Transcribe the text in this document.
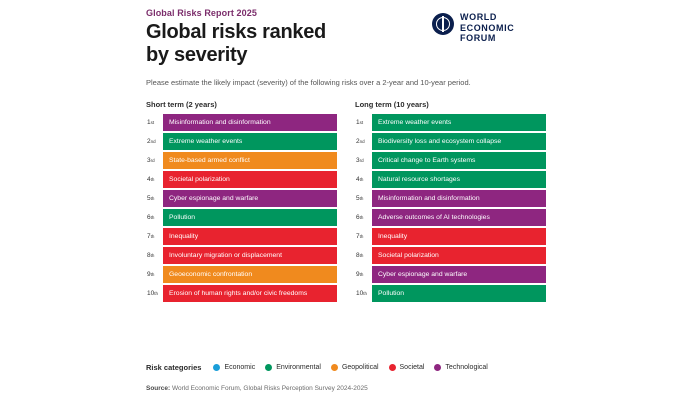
Global Risks Report 2025

Global risks ranked
by severity
WORLD
ECONOMIC
FORUM
Please estimate the likely impact (severity) of the following risks over a 2-year and 10-year period.
Short term (2 years)
1 st	Misinformation and disinformation
2 nd	Extreme weather events
3 rd	State-based armed conflict
4 th	Societal polarization
5 th	Cyber espionage and warfare
6 th	Pollution
7 th	Inequality
8 th	Involuntary migration or displacement
9 th	Geoeconomic confrontation
10 th	Erosion of human rights and/or civic freedoms
Long term (10 years)
1 st	Extreme weather events
2 nd	Biodiversity loss and ecosystem collapse
3 rd	Critical change to Earth systems
4 th	Natural resource shortages
5 th	Misinformation and disinformation
6 th	Adverse outcomes of AI technologies
7 th	Inequality
8 th	Societal polarization
9 th	Cyber espionage and warfare
10 th	Pollution
Risk categories	Economic	Environmental	Geopolitical	Societal	Technological
Source: World Economic Forum, Global Risks Perception Survey 2024-2025
